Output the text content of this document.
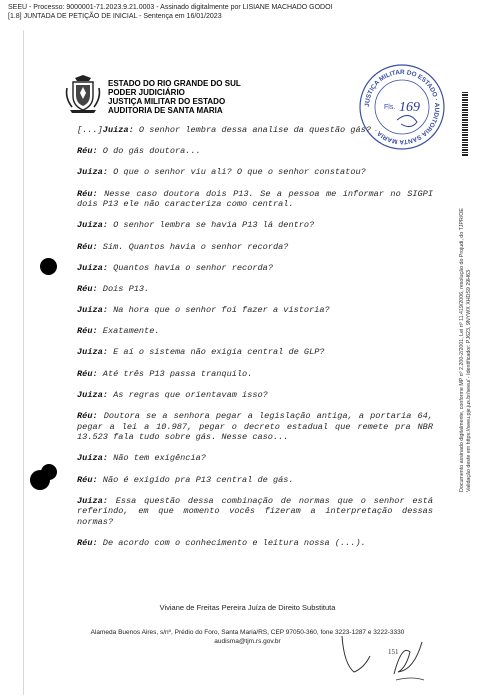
SEEU - Processo: 9000001-71.2023.9.21.0003 - Assinado digitalmente por LISIANE MACHADO GODOI
[1.8] JUNTADA DE PETIÇÃO DE INICIAL - Sentença em 16/01/2023
ESTADO DO RIO GRANDE DO SUL
PODER JUDICIÁRIO
JUSTIÇA MILITAR DO ESTADO
AUDITORIA DE SANTA MARIA
JUSTIÇA MILITAR DO ESTADO · AUDITORIA SANTA MARIA ·
Fls. 169

[...]Juiza: O senhor lembra dessa analise da questão gás?

Réu: O do gás doutora...

Juiza: O que o senhor viu ali? O que o senhor constatou?

Réu: Nesse caso doutora dois P13. Se a pessoa me informar no SIGPI dois P13 ele não caracteriza como central.

Juiza: O senhor lembra se havia P13 lá dentro?

Réu: Sim. Quantos havia o senhor recorda?

Juiza: Quantos havia o senhor recorda?

Réu: Dois P13.

Juiza: Na hora que o senhor foi fazer a vistoria?

Réu: Exatamente.

Juiza: E aí o sistema não exigia central de GLP?

Réu: Até três P13 passa tranquilo.

Juiza: As regras que orientavam isso?

Réu: Doutora se a senhora pegar a legislação antiga, a portaria 64, pegar a lei a 10.987, pegar o decreto estadual que remete pra NBR 13.523 fala tudo sobre gás. Nesse caso...

Juiza: Não tem exigência?

Réu: Não é exigido pra P13 central de gás.

Juiza: Essa questão dessa combinação de normas que o senhor está referindo, em que momento vocês fizeram a interpretação dessas normas?

Réu: De acordo com o conhecimento e leitura nossa (...).

Viviane de Freitas Pereira Juíza de Direito Substituta
Alameda Buenos Aires, s/nº, Prédio do Foro, Santa Maria/RS, CEP 97050-360, fone 3223-1287 e 3222-3330
audisma@tjm.rs.gov.br
151
Documento assinado digitalmente, conforme MP nº 2.200-2/2001, Lei nº 11.419/2006, resolução do Projudi, do TJPR/OE Validação deste em https://seeu.pje.jus.br/seeu/ - Identificador: PJ623, 9NYWX XHDS9 29H63
